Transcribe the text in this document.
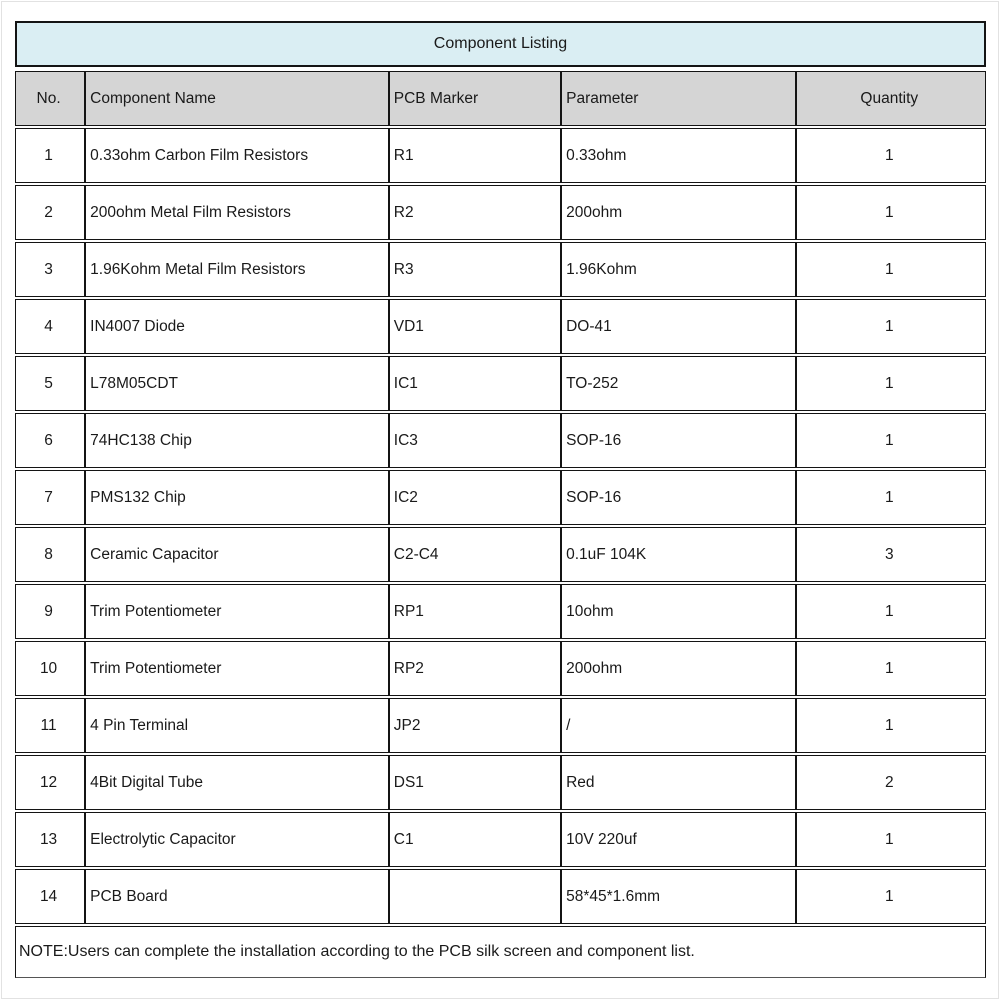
Component Listing
No.	Component Name	PCB Marker	Parameter	Quantity
1	0.33ohm Carbon Film Resistors	R1	0.33ohm	1
2	200ohm Metal Film Resistors	R2	200ohm	1
3	1.96Kohm Metal Film Resistors	R3	1.96Kohm	1
4	IN4007 Diode	VD1	DO-41	1
5	L78M05CDT	IC1	TO-252	1
6	74HC138 Chip	IC3	SOP-16	1
7	PMS132 Chip	IC2	SOP-16	1
8	Ceramic Capacitor	C2-C4	0.1uF 104K	3
9	Trim Potentiometer	RP1	10ohm	1
10	Trim Potentiometer	RP2	200ohm	1
11	4 Pin Terminal	JP2	/	1
12	4Bit Digital Tube	DS1	Red	2
13	Electrolytic Capacitor	C1	10V 220uf	1
14	PCB Board		58*45*1.6mm	1
NOTE:Users can complete the installation according to the PCB silk screen and component list.
